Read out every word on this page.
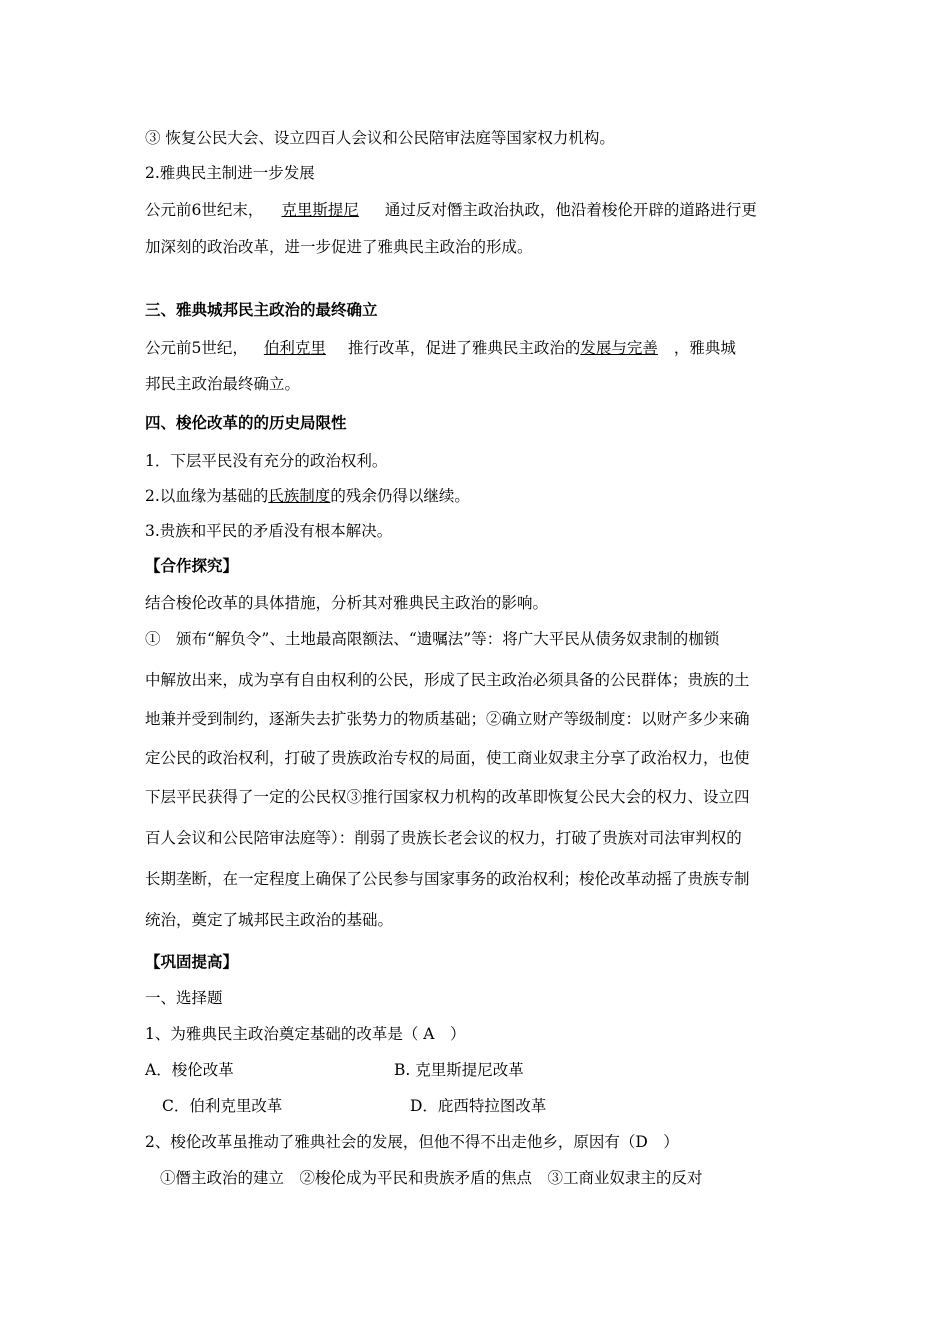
③ 恢复公民大会、设立四百人会议和公民陪审法庭等国家权力机构。
2.雅典民主制进一步发展
公元前6世纪末， 克里斯提尼 通过反对僭主政治执政，他沿着梭伦开辟的道路进行更
加深刻的政治改革，进一步促进了雅典民主政治的形成。
三、雅典城邦民主政治的最终确立
公元前5世纪， 伯利克里 推行改革，促进了雅典民主政治的发展与完善 ，雅典城
邦民主政治最终确立。
四、梭伦改革的的历史局限性
1．下层平民没有充分的政治权利。
2.以血缘为基础的氏族制度的残余仍得以继续。
3.贵族和平民的矛盾没有根本解决。
【合作探究】
结合梭伦改革的具体措施，分析其对雅典民主政治的影响。
①　颁布“解负令”、土地最高限额法、“遗嘱法”等：将广大平民从债务奴隶制的枷锁
中解放出来，成为享有自由权利的公民，形成了民主政治必须具备的公民群体；贵族的土
地兼并受到制约，逐渐失去扩张势力的物质基础；②确立财产等级制度：以财产多少来确
定公民的政治权利，打破了贵族政治专权的局面，使工商业奴隶主分享了政治权力，也使
下层平民获得了一定的公民权③推行国家权力机构的改革即恢复公民大会的权力、设立四
百人会议和公民陪审法庭等）：削弱了贵族长老会议的权力，打破了贵族对司法审判权的
长期垄断，在一定程度上确保了公民参与国家事务的政治权利；梭伦改革动摇了贵族专制
统治，奠定了城邦民主政治的基础。
【巩固提高】
一、选择题
1、为雅典民主政治奠定基础的改革是（ A　）
A．梭伦改革	B. 克里斯提尼改革
C．伯利克里改革	D．庇西特拉图改革
2、梭伦改革虽推动了雅典社会的发展，但他不得不出走他乡，原因有（D　）
①僭主政治的建立　②梭伦成为平民和贵族矛盾的焦点　③工商业奴隶主的反对
